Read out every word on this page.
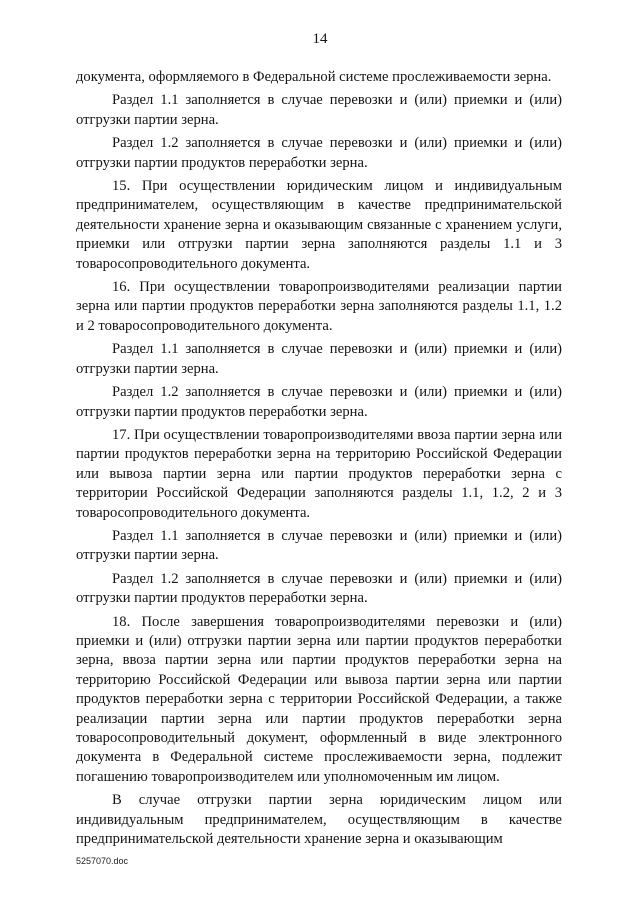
14

документа, оформляемого в Федеральной системе прослеживаемости зерна.

Раздел 1.1 заполняется в случае перевозки и (или) приемки и (или) отгрузки партии зерна.

Раздел 1.2 заполняется в случае перевозки и (или) приемки и (или) отгрузки партии продуктов переработки зерна.

15. При осуществлении юридическим лицом и индивидуальным предпринимателем, осуществляющим в качестве предпринимательской деятельности хранение зерна и оказывающим связанные с хранением услуги, приемки или отгрузки партии зерна заполняются разделы 1.1 и 3 товаросопроводительного документа.

16. При осуществлении товаропроизводителями реализации партии зерна или партии продуктов переработки зерна заполняются разделы 1.1, 1.2 и 2 товаросопроводительного документа.

Раздел 1.1 заполняется в случае перевозки и (или) приемки и (или) отгрузки партии зерна.

Раздел 1.2 заполняется в случае перевозки и (или) приемки и (или) отгрузки партии продуктов переработки зерна.

17. При осуществлении товаропроизводителями ввоза партии зерна или партии продуктов переработки зерна на территорию Российской Федерации или вывоза партии зерна или партии продуктов переработки зерна с территории Российской Федерации заполняются разделы 1.1, 1.2, 2 и 3 товаросопроводительного документа.

Раздел 1.1 заполняется в случае перевозки и (или) приемки и (или) отгрузки партии зерна.

Раздел 1.2 заполняется в случае перевозки и (или) приемки и (или) отгрузки партии продуктов переработки зерна.

18. После завершения товаропроизводителями перевозки и (или) приемки и (или) отгрузки партии зерна или партии продуктов переработки зерна, ввоза партии зерна или партии продуктов переработки зерна на территорию Российской Федерации или вывоза партии зерна или партии продуктов переработки зерна с территории Российской Федерации, а также реализации партии зерна или партии продуктов переработки зерна товаросопроводительный документ, оформленный в виде электронного документа в Федеральной системе прослеживаемости зерна, подлежит погашению товаропроизводителем или уполномоченным им лицом.

В случае отгрузки партии зерна юридическим лицом или индивидуальным предпринимателем, осуществляющим в качестве предпринимательской деятельности хранение зерна и оказывающим

5257070.doc
